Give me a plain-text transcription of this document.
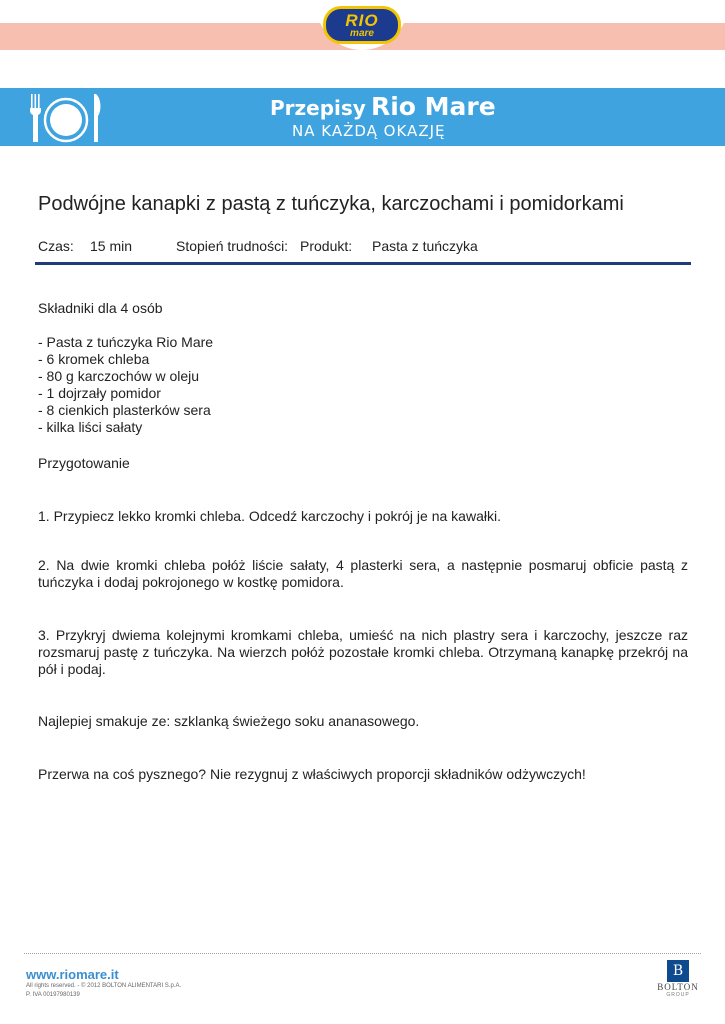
RIO
mare
Przepisy Rio Mare
NA KAŻDĄ OKAZJĘ
Podwójne kanapki z pastą z tuńczyka, karczochami i pomidorkami
Czas: 15 min	Stopień trudności: Produkt: Pasta z tuńczyka
Składniki dla 4 osób
- Pasta z tuńczyka Rio Mare
- 6 kromek chleba
- 80 g karczochów w oleju
- 1 dojrzały pomidor
- 8 cienkich plasterków sera
- kilka liści sałaty
Przygotowanie
1. Przypiecz lekko kromki chleba. Odcedź karczochy i pokrój je na kawałki.
2. Na dwie kromki chleba połóż liście sałaty, 4 plasterki sera, a następnie posmaruj obficie pastą z tuńczyka i dodaj pokrojonego w kostkę pomidora.
3. Przykryj dwiema kolejnymi kromkami chleba, umieść na nich plastry sera i karczochy, jeszcze raz rozsmaruj pastę z tuńczyka. Na wierzch połóż pozostałe kromki chleba. Otrzymaną kanapkę przekrój na pół i podaj.
Najlepiej smakuje ze: szklanką świeżego soku ananasowego.
Przerwa na coś pysznego? Nie rezygnuj z właściwych proporcji składników odżywczych!
www.riomare.it
All rights reserved. - © 2012 BOLTON ALIMENTARI S.p.A.
P. IVA 00197980139
B
BOLTON
GROUP
